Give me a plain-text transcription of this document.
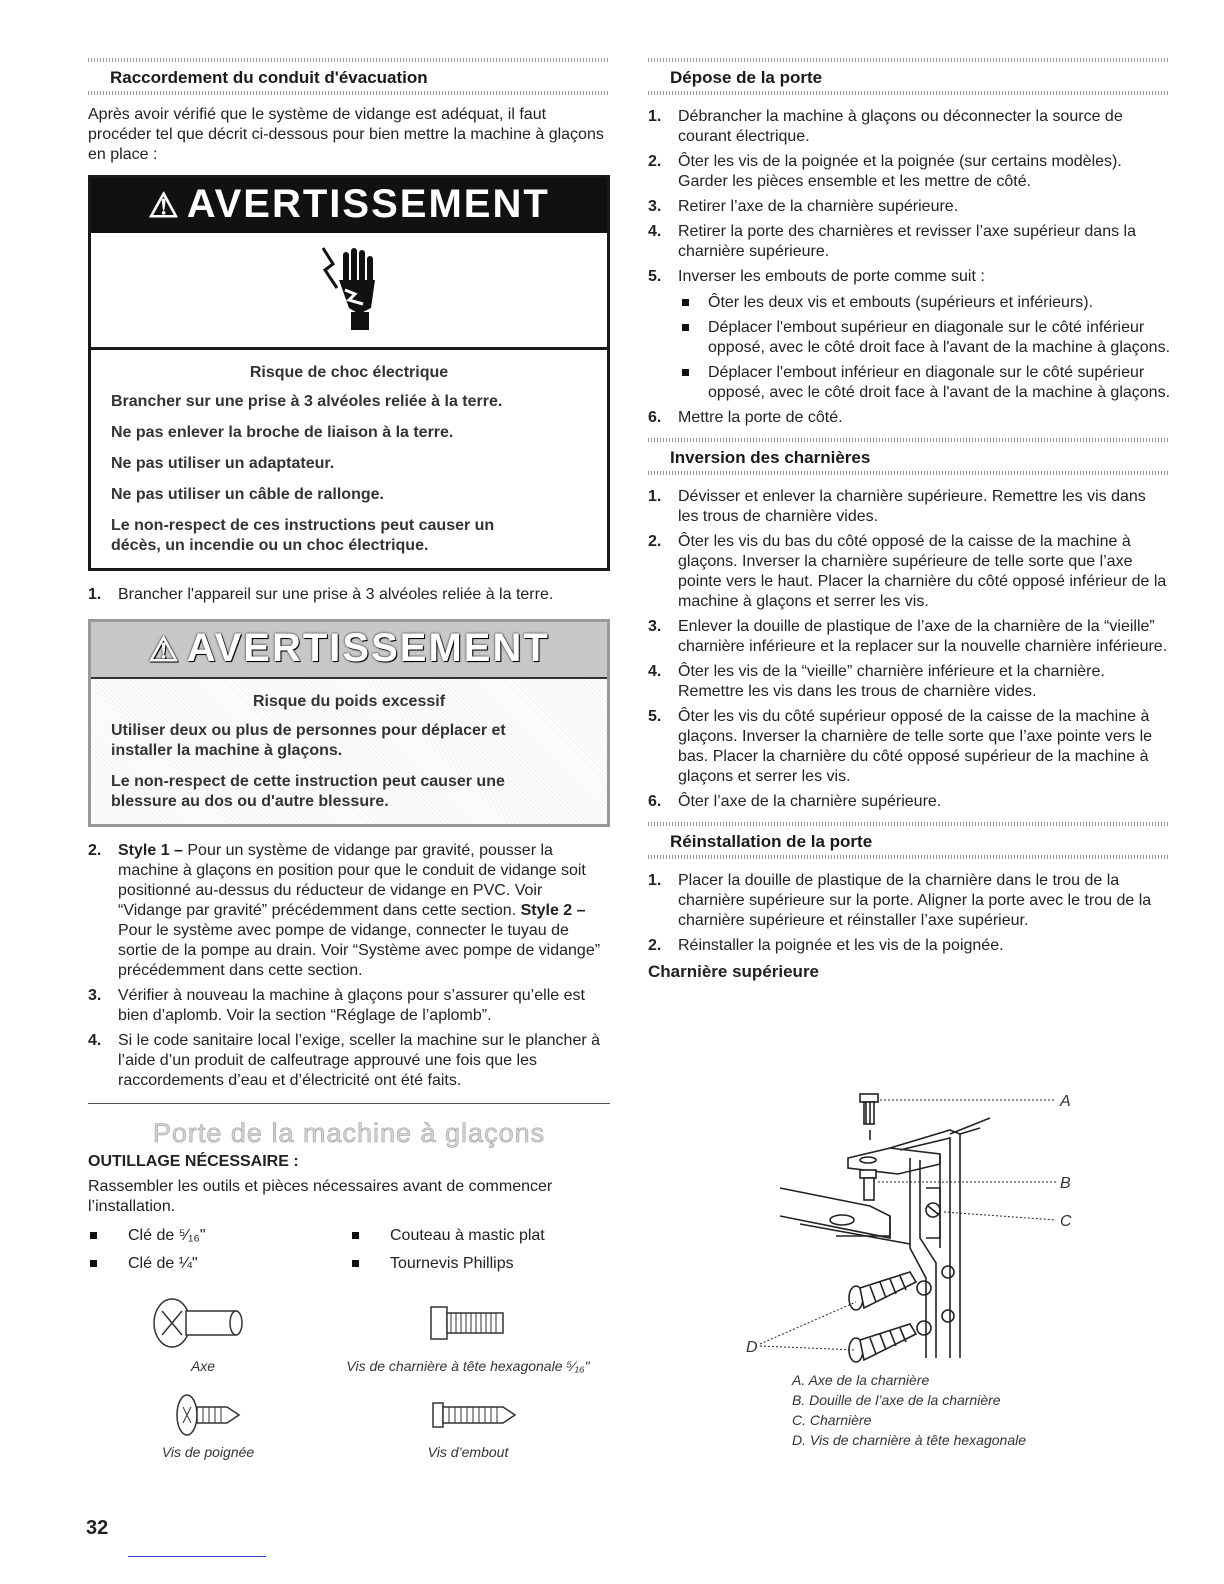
Raccordement du conduit d'évacuation

Après avoir vérifié que le système de vidange est adéquat, il faut procéder tel que décrit ci-dessous pour bien mettre la machine à glaçons en place :

⚠ AVERTISSEMENT
Risque de choc électrique
Brancher sur une prise à 3 alvéoles reliée à la terre.
Ne pas enlever la broche de liaison à la terre.
Ne pas utiliser un adaptateur.
Ne pas utiliser un câble de rallonge.
Le non-respect de ces instructions peut causer un décès, un incendie ou un choc électrique.
1. Brancher l'appareil sur une prise à 3 alvéoles reliée à la terre.
⚠ AVERTISSEMENT
Risque du poids excessif
Utiliser deux ou plus de personnes pour déplacer et installer la machine à glaçons.
Le non-respect de cette instruction peut causer une blessure au dos ou d'autre blessure.
2. Style 1 – Pour un système de vidange par gravité, pousser la machine à glaçons en position pour que le conduit de vidange soit positionné au-dessus du réducteur de vidange en PVC. Voir “Vidange par gravité” précédemment dans cette section. Style 2 – Pour le système avec pompe de vidange, connecter le tuyau de sortie de la pompe au drain. Voir “Système avec pompe de vidange” précédemment dans cette section.
3. Vérifier à nouveau la machine à glaçons pour s’assurer qu’elle est bien d’aplomb. Voir la section “Réglage de l’aplomb”.
4. Si le code sanitaire local l’exige, sceller la machine sur le plancher à l’aide d’un produit de calfeutrage approuvé une fois que les raccordements d’eau et d’électricité ont été faits.
Porte de la machine à glaçons
OUTILLAGE NÉCESSAIRE :

Rassembler les outils et pièces nécessaires avant de commencer l’installation.

Clé de ⁵⁄₁₆"	Couteau à mastic plat
Clé de ¼"	Tournevis Phillips
Axe	Vis de charnière à tête hexagonale ⁵⁄₁₆"
Vis de poignée	Vis d’embout
Dépose de la porte
1. Débrancher la machine à glaçons ou déconnecter la source de courant électrique.
2. Ôter les vis de la poignée et la poignée (sur certains modèles). Garder les pièces ensemble et les mettre de côté.
3. Retirer l’axe de la charnière supérieure.
4. Retirer la porte des charnières et revisser l’axe supérieur dans la charnière supérieure.
5. Inverser les embouts de porte comme suit :
Ôter les deux vis et embouts (supérieurs et inférieurs).
Déplacer l'embout supérieur en diagonale sur le côté inférieur opposé, avec le côté droit face à l'avant de la machine à glaçons.
Déplacer l'embout inférieur en diagonale sur le côté supérieur opposé, avec le côté droit face à l'avant de la machine à glaçons.
6. Mettre la porte de côté.
Inversion des charnières
1. Dévisser et enlever la charnière supérieure. Remettre les vis dans les trous de charnière vides.
2. Ôter les vis du bas du côté opposé de la caisse de la machine à glaçons. Inverser la charnière supérieure de telle sorte que l’axe pointe vers le haut. Placer la charnière du côté opposé inférieur de la machine à glaçons et serrer les vis.
3. Enlever la douille de plastique de l’axe de la charnière de la “vieille” charnière inférieure et la replacer sur la nouvelle charnière inférieure.
4. Ôter les vis de la “vieille” charnière inférieure et la charnière. Remettre les vis dans les trous de charnière vides.
5. Ôter les vis du côté supérieur opposé de la caisse de la machine à glaçons. Inverser la charnière de telle sorte que l’axe pointe vers le bas. Placer la charnière du côté opposé supérieur de la machine à glaçons et serrer les vis.
6. Ôter l’axe de la charnière supérieure.
Réinstallation de la porte
1. Placer la douille de plastique de la charnière dans le trou de la charnière supérieure sur la porte. Aligner la porte avec le trou de la charnière supérieure et réinstaller l’axe supérieur.
2. Réinstaller la poignée et les vis de la poignée.
Charnière supérieure
A
B
C
D
A. Axe de la charnière
B. Douille de l’axe de la charnière
C. Charnière
D. Vis de charnière à tête hexagonale
32
